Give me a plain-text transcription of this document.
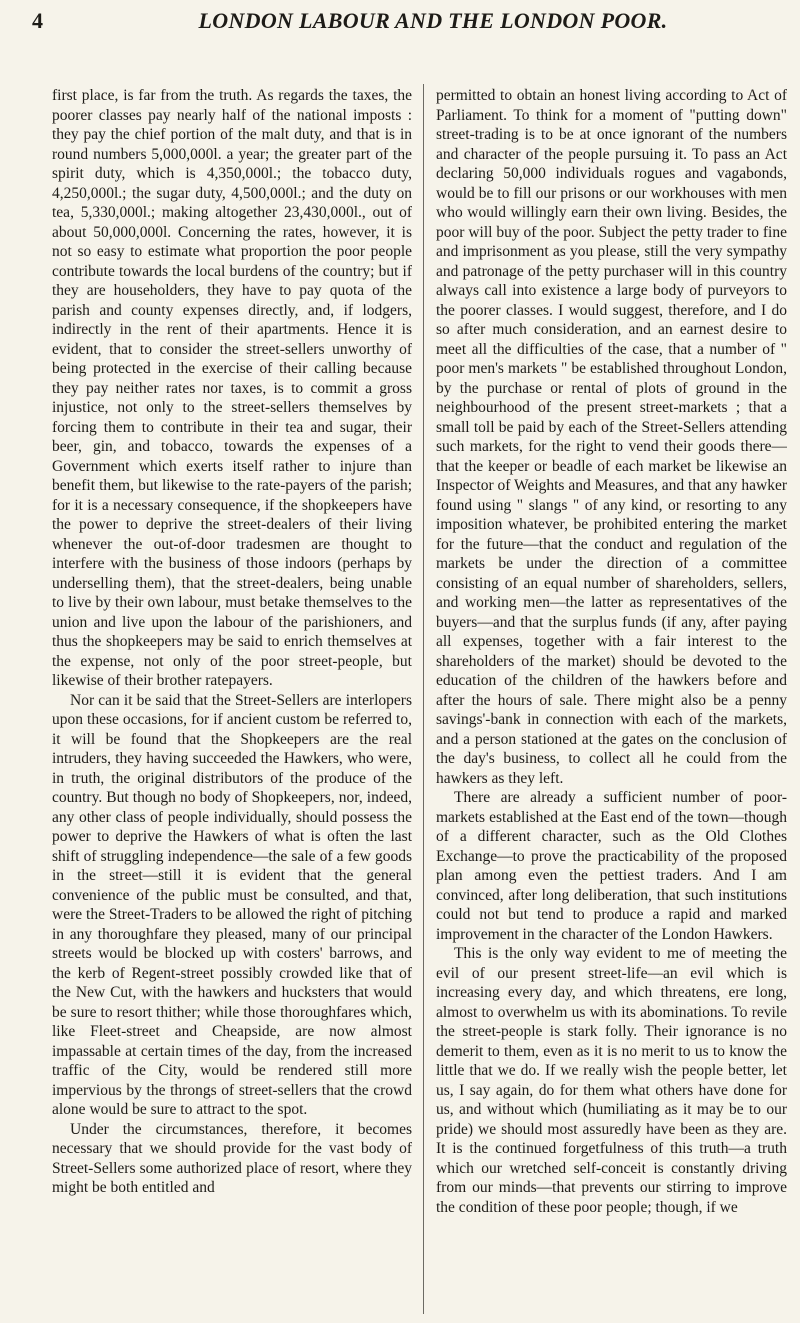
4	LONDON LABOUR AND THE LONDON POOR.

first place, is far from the truth. As regards the taxes, the poorer classes pay nearly half of the national imposts : they pay the chief portion of the malt duty, and that is in round numbers 5,000,000l. a year; the greater part of the spirit duty, which is 4,350,000l.; the tobacco duty, 4,250,000l.; the sugar duty, 4,500,000l.; and the duty on tea, 5,330,000l.; making altogether 23,430,000l., out of about 50,000,000l. Concerning the rates, however, it is not so easy to estimate what proportion the poor people contribute towards the local burdens of the country; but if they are householders, they have to pay quota of the parish and county expenses directly, and, if lodgers, indirectly in the rent of their apartments. Hence it is evident, that to consider the street-sellers unworthy of being protected in the exercise of their calling because they pay neither rates nor taxes, is to commit a gross injustice, not only to the street-sellers themselves by forcing them to contribute in their tea and sugar, their beer, gin, and tobacco, towards the expenses of a Government which exerts itself rather to injure than benefit them, but likewise to the rate-payers of the parish; for it is a necessary consequence, if the shopkeepers have the power to deprive the street-dealers of their living whenever the out-of-door tradesmen are thought to interfere with the business of those indoors (perhaps by underselling them), that the street-dealers, being unable to live by their own labour, must betake themselves to the union and live upon the labour of the parishioners, and thus the shopkeepers may be said to enrich themselves at the expense, not only of the poor street-people, but likewise of their brother ratepayers.

Nor can it be said that the Street-Sellers are interlopers upon these occasions, for if ancient custom be referred to, it will be found that the Shopkeepers are the real intruders, they having succeeded the Hawkers, who were, in truth, the original distributors of the produce of the country. But though no body of Shopkeepers, nor, indeed, any other class of people individually, should possess the power to deprive the Hawkers of what is often the last shift of struggling independence—the sale of a few goods in the street—still it is evident that the general convenience of the public must be consulted, and that, were the Street-Traders to be allowed the right of pitching in any thoroughfare they pleased, many of our principal streets would be blocked up with costers' barrows, and the kerb of Regent-street possibly crowded like that of the New Cut, with the hawkers and hucksters that would be sure to resort thither; while those thoroughfares which, like Fleet-street and Cheapside, are now almost impassable at certain times of the day, from the increased traffic of the City, would be rendered still more impervious by the throngs of street-sellers that the crowd alone would be sure to attract to the spot.

Under the circumstances, therefore, it becomes necessary that we should provide for the vast body of Street-Sellers some authorized place of resort, where they might be both entitled and

permitted to obtain an honest living according to Act of Parliament. To think for a moment of "putting down" street-trading is to be at once ignorant of the numbers and character of the people pursuing it. To pass an Act declaring 50,000 individuals rogues and vagabonds, would be to fill our prisons or our workhouses with men who would willingly earn their own living. Besides, the poor will buy of the poor. Subject the petty trader to fine and imprisonment as you please, still the very sympathy and patronage of the petty purchaser will in this country always call into existence a large body of purveyors to the poorer classes. I would suggest, therefore, and I do so after much consideration, and an earnest desire to meet all the difficulties of the case, that a number of " poor men's markets " be established throughout London, by the purchase or rental of plots of ground in the neighbourhood of the present street-markets ; that a small toll be paid by each of the Street-Sellers attending such markets, for the right to vend their goods there— that the keeper or beadle of each market be likewise an Inspector of Weights and Measures, and that any hawker found using " slangs " of any kind, or resorting to any imposition whatever, be prohibited entering the market for the future—that the conduct and regulation of the markets be under the direction of a committee consisting of an equal number of shareholders, sellers, and working men—the latter as representatives of the buyers—and that the surplus funds (if any, after paying all expenses, together with a fair interest to the shareholders of the market) should be devoted to the education of the children of the hawkers before and after the hours of sale. There might also be a penny savings'-bank in connection with each of the markets, and a person stationed at the gates on the conclusion of the day's business, to collect all he could from the hawkers as they left.

There are already a sufficient number of poor-markets established at the East end of the town—though of a different character, such as the Old Clothes Exchange—to prove the practicability of the proposed plan among even the pettiest traders. And I am convinced, after long deliberation, that such institutions could not but tend to produce a rapid and marked improvement in the character of the London Hawkers.

This is the only way evident to me of meeting the evil of our present street-life—an evil which is increasing every day, and which threatens, ere long, almost to overwhelm us with its abominations. To revile the street-people is stark folly. Their ignorance is no demerit to them, even as it is no merit to us to know the little that we do. If we really wish the people better, let us, I say again, do for them what others have done for us, and without which (humiliating as it may be to our pride) we should most assuredly have been as they are. It is the continued forgetfulness of this truth—a truth which our wretched self-conceit is constantly driving from our minds—that prevents our stirring to improve the condition of these poor people; though, if we
